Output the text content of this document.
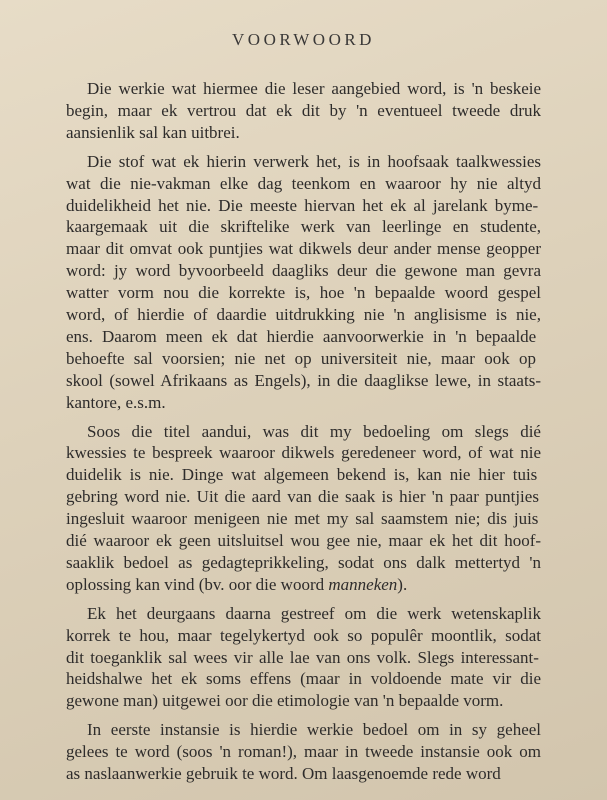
VOORWOORD
Die werkie wat hiermee die leser aangebied word, is 'n beskeie
begin, maar ek vertrou dat ek dit by 'n eventueel tweede druk
aansienlik sal kan uitbrei.
Die stof wat ek hierin verwerk het, is in hoofsaak taalkwessies
wat die nie-vakman elke dag teenkom en waaroor hy nie altyd
duidelikheid het nie. Die meeste hiervan het ek al jarelank byme-
kaargemaak uit die skriftelike werk van leerlinge en studente,
maar dit omvat ook puntjies wat dikwels deur ander mense geopper
word: jy word byvoorbeeld daagliks deur die gewone man gevra
watter vorm nou die korrekte is, hoe 'n bepaalde woord gespel
word, of hierdie of daardie uitdrukking nie 'n anglisisme is nie,
ens. Daarom meen ek dat hierdie aanvoorwerkie in 'n bepaalde
behoefte sal voorsien; nie net op universiteit nie, maar ook op
skool (sowel Afrikaans as Engels), in die daaglikse lewe, in staats-
kantore, e.s.m.
Soos die titel aandui, was dit my bedoeling om slegs dié
kwessies te bespreek waaroor dikwels geredeneer word, of wat nie
duidelik is nie. Dinge wat algemeen bekend is, kan nie hier tuis
gebring word nie. Uit die aard van die saak is hier 'n paar puntjies
ingesluit waaroor menigeen nie met my sal saamstem nie; dis juis
dié waaroor ek geen uitsluitsel wou gee nie, maar ek het dit hoof-
saaklik bedoel as gedagteprikkeling, sodat ons dalk mettertyd 'n
oplossing kan vind (bv. oor die woord manneken).
Ek het deurgaans daarna gestreef om die werk wetenskaplik
korrek te hou, maar tegelykertyd ook so populêr moontlik, sodat
dit toeganklik sal wees vir alle lae van ons volk. Slegs interessant-
heidshalwe het ek soms effens (maar in voldoende mate vir die
gewone man) uitgewei oor die etimologie van 'n bepaalde vorm.
In eerste instansie is hierdie werkie bedoel om in sy geheel
gelees te word (soos 'n roman!), maar in tweede instansie ook om
as naslaanwerkie gebruik te word. Om laasgenoemde rede word
